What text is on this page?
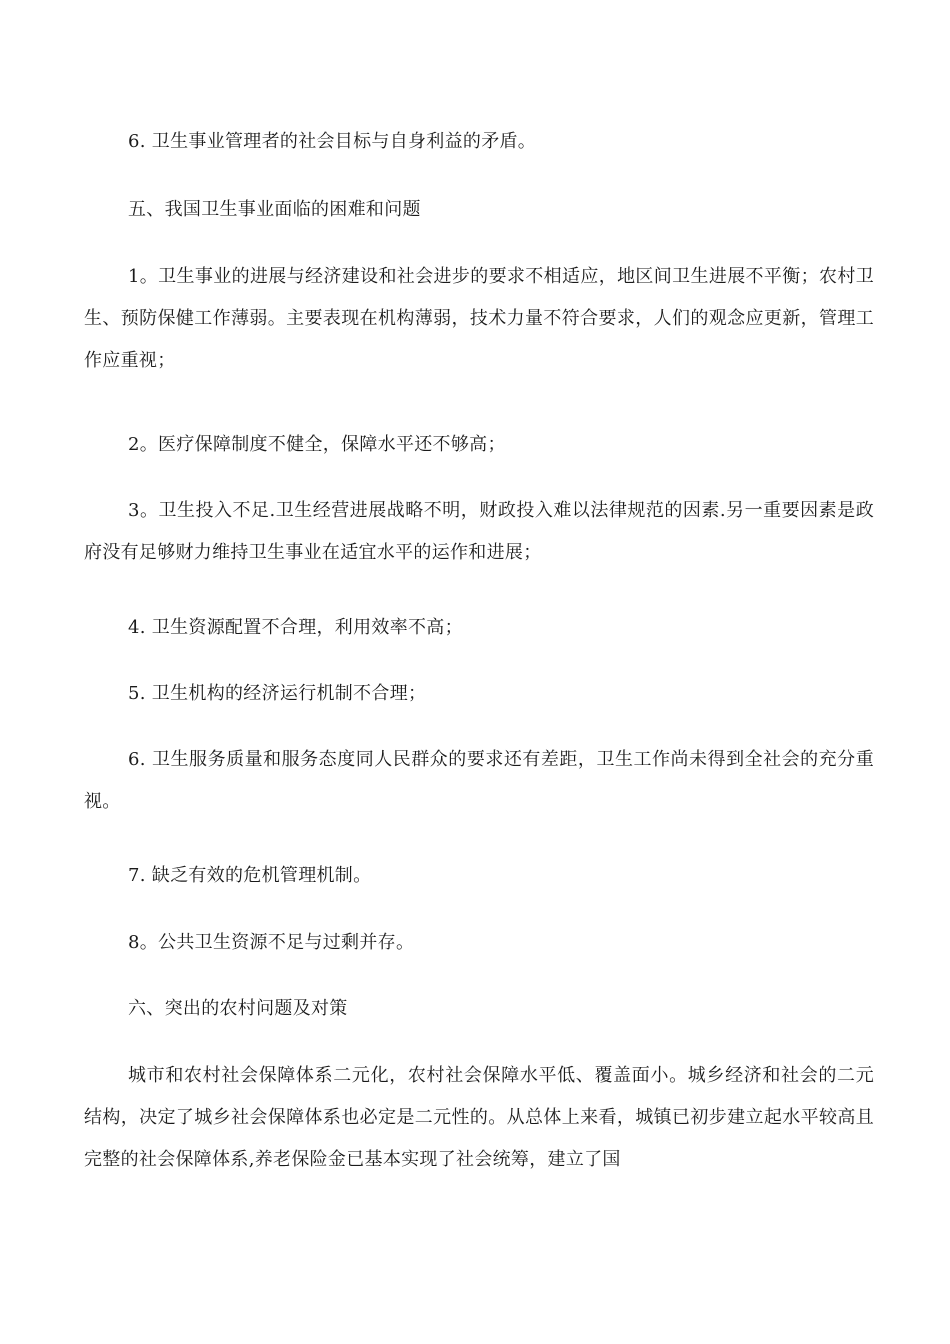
6. 卫生事业管理者的社会目标与自身利益的矛盾。

五、我国卫生事业面临的困难和问题

1。卫生事业的进展与经济建设和社会进步的要求不相适应，地区间卫生进展不平衡；农村卫生、预防保健工作薄弱。主要表现在机构薄弱，技术力量不符合要求，人们的观念应更新，管理工作应重视；

2。医疗保障制度不健全，保障水平还不够高；

3。卫生投入不足.卫生经营进展战略不明，财政投入难以法律规范的因素.另一重要因素是政府没有足够财力维持卫生事业在适宜水平的运作和进展；

4. 卫生资源配置不合理，利用效率不高；

5. 卫生机构的经济运行机制不合理；

6. 卫生服务质量和服务态度同人民群众的要求还有差距，卫生工作尚未得到全社会的充分重视。

7. 缺乏有效的危机管理机制。

8。公共卫生资源不足与过剩并存。

六、突出的农村问题及对策

城市和农村社会保障体系二元化，农村社会保障水平低、覆盖面小。城乡经济和社会的二元结构，决定了城乡社会保障体系也必定是二元性的。从总体上来看，城镇已初步建立起水平较高且完整的社会保障体系,养老保险金已基本实现了社会统筹，建立了国
